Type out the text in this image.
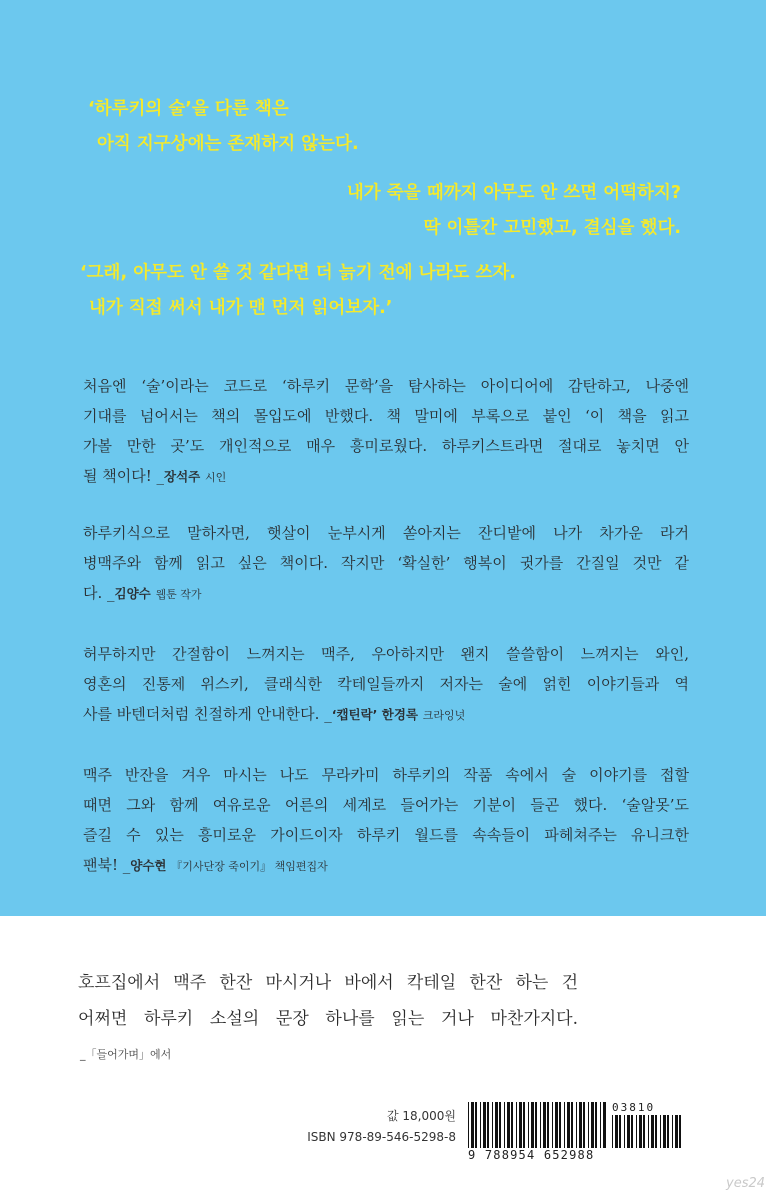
‘하루키의 술’을 다룬 책은
아직 지구상에는 존재하지 않는다.
내가 죽을 때까지 아무도 안 쓰면 어떡하지?
딱 이틀간 고민했고, 결심을 했다.
‘그래, 아무도 안 쓸 것 같다면 더 늙기 전에 나라도 쓰자.
내가 직접 써서 내가 맨 먼저 읽어보자.’
처음엔 ‘술’이라는 코드로 ‘하루키 문학’을 탐사하는 아이디어에 감탄하고, 나중엔
기대를 넘어서는 책의 몰입도에 반했다. 책 말미에 부록으로 붙인 ‘이 책을 읽고
가볼 만한 곳’도 개인적으로 매우 흥미로웠다. 하루키스트라면 절대로 놓치면 안
될 책이다! _장석주 시인
하루키식으로 말하자면, 햇살이 눈부시게 쏟아지는 잔디밭에 나가 차가운 라거
병맥주와 함께 읽고 싶은 책이다. 작지만 ‘확실한’ 행복이 귓가를 간질일 것만 같
다. _김양수 웹툰 작가
허무하지만 간절함이 느껴지는 맥주, 우아하지만 왠지 쓸쓸함이 느껴지는 와인,
영혼의 진통제 위스키, 클래식한 칵테일들까지 저자는 술에 얽힌 이야기들과 역
사를 바텐더처럼 친절하게 안내한다. _‘캡틴락’ 한경록 크라잉넛
맥주 반잔을 겨우 마시는 나도 무라카미 하루키의 작품 속에서 술 이야기를 접할
때면 그와 함께 여유로운 어른의 세계로 들어가는 기분이 들곤 했다. ‘술알못’도
즐길 수 있는 흥미로운 가이드이자 하루키 월드를 속속들이 파헤쳐주는 유니크한
팬북! _양수현 『기사단장 죽이기』 책임편집자
호프집에서 맥주 한잔 마시거나 바에서 칵테일 한잔 하는 건
어쩌면 하루키 소설의 문장 하나를 읽는 거나 마찬가지다.
_「들어가며」에서
값 18,000원
ISBN 978-89-546-5298-8
9 788954 652988
03810
yes24
